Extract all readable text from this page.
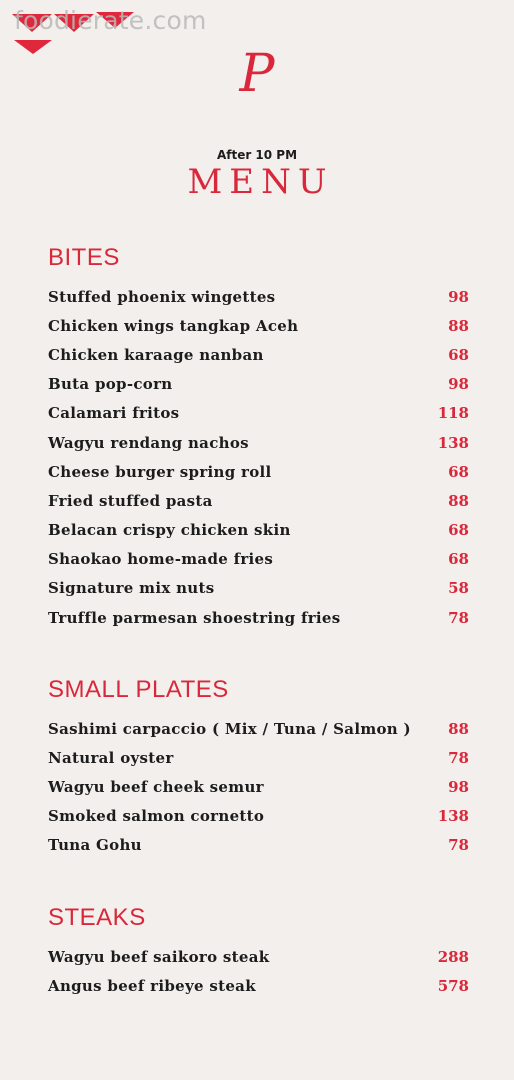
foodierate.com
P
After 10 PM
MENU
BITES
Stuffed phoenix wingettes	98
Chicken wings tangkap Aceh	88
Chicken karaage nanban	68
Buta pop-corn	98
Calamari fritos	118
Wagyu rendang nachos	138
Cheese burger spring roll	68
Fried stuffed pasta	88
Belacan crispy chicken skin	68
Shaokao home-made fries	68
Signature mix nuts	58
Truffle parmesan shoestring fries	78
SMALL PLATES
Sashimi carpaccio ( Mix / Tuna / Salmon ) 88
Natural oyster	78
Wagyu beef cheek semur	98
Smoked salmon cornetto	138
Tuna Gohu	78
STEAKS
Wagyu beef saikoro steak	288
Angus beef ribeye steak	578
